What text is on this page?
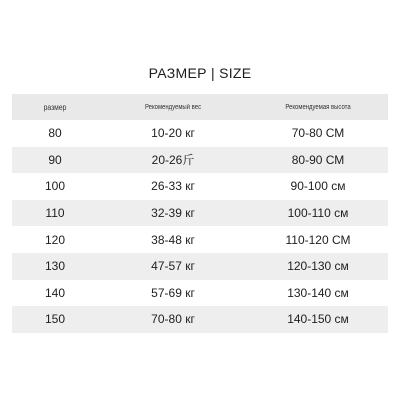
РАЗМЕР | SIZE
размер	Рекомендуемый вес	Рекомендуемая высота
80	10-20 кг	70-80 СМ
90	20-26斤	80-90 СМ
100	26-33 кг	90-100 см
110	32-39 кг	100-110 см
120	38-48 кг	110-120 СМ
130	47-57 кг	120-130 см
140	57-69 кг	130-140 см
150	70-80 кг	140-150 см
